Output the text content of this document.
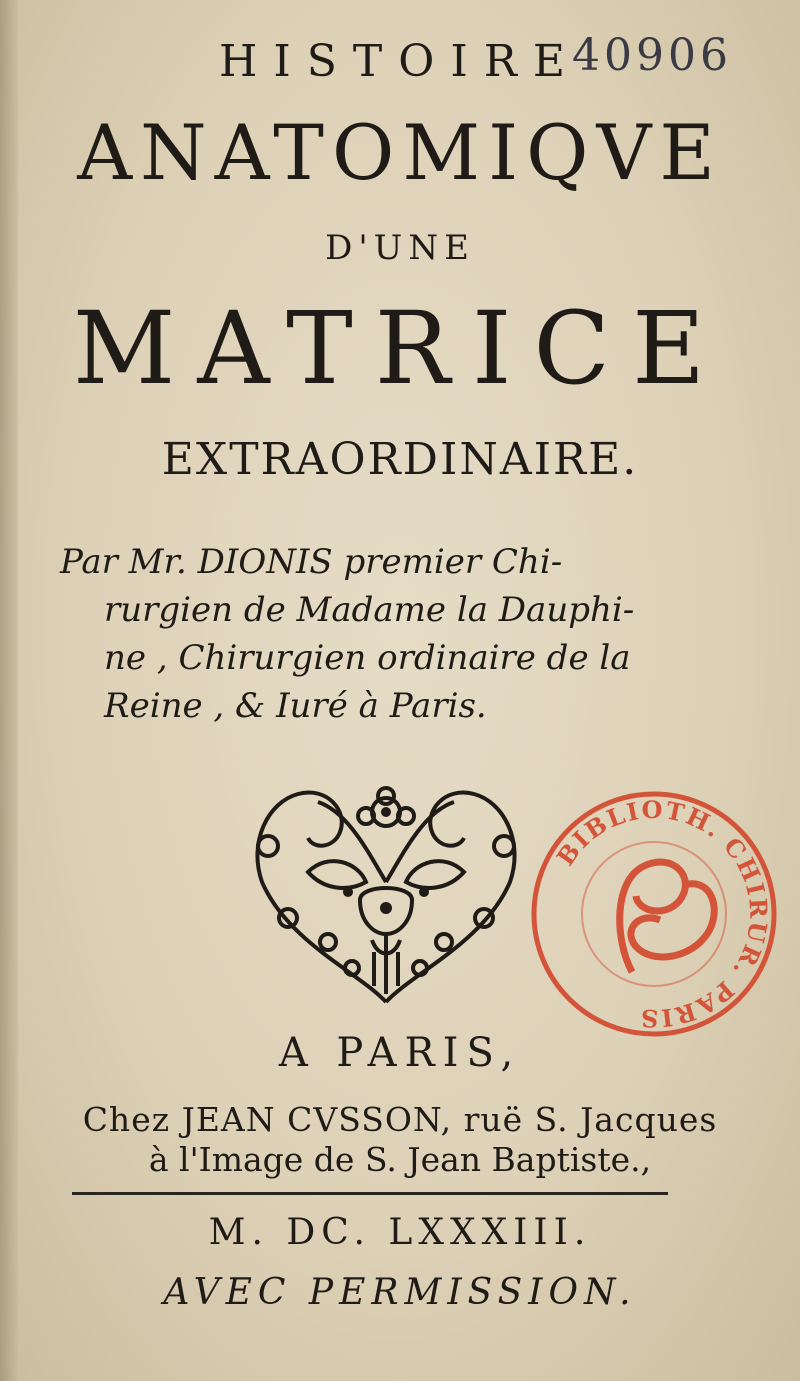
HISTOIRE
40906
ANATOMIQVE
D'UNE
MATRICE
EXTRAORDINAIRE.
Par Mr. DIONIS premier Chi-
rurgien de Madame la Dauphi-
ne , Chirurgien ordinaire de la
Reine , & Iuré à Paris.
BIBLIOTH. CHIRUR. PARIS
A PARIS,
Chez JEAN CVSSON, ruë S. Jacques
à l'Image de S. Jean Baptiste.,
M. DC. LXXXIII.
AVEC PERMISSION.
